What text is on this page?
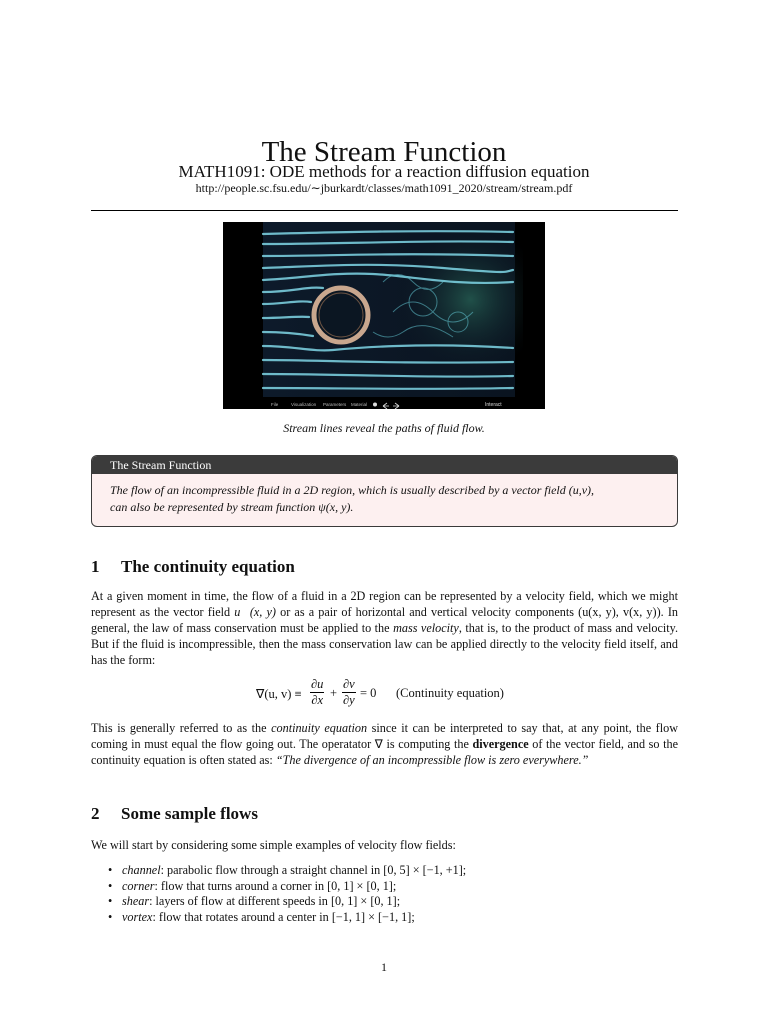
The Stream Function
MATH1091: ODE methods for a reaction diffusion equation
http://people.sc.fsu.edu/∼jburkardt/classes/math1091_2020/stream/stream.pdf
File	Visualization Parameters Material	Interact
Stream lines reveal the paths of fluid flow.
The Stream Function
The flow of an incompressible fluid in a 2D region, which is usually described by a vector field (u,v),
can also be represented by stream function ψ(x, y).
1 The continuity equation
At a given moment in time, the flow of a fluid in a 2D region can be represented by a velocity field, which we might represent as the vector field u⃗(x, y) or as a pair of horizontal and vertical velocity components (u(x, y), v(x, y)). In general, the law of mass conservation must be applied to the mass velocity, that is, to the product of mass and velocity. But if the fluid is incompressible, then the mass conservation law can be applied directly to the velocity field itself, and has the form:
∇(u, $v) \equiv \frac{\partial u}{\partial x} + \frac{\partial v}{\partial y} = 0$ (Continuity equation)
This is generally referred to as the continuity equation since it can be interpreted to say that, at any point, the flow coming in must equal the flow going out. The operatator ∇ is computing the divergence of the vector field, and so the continuity equation is often stated as: “The divergence of an incompressible flow is zero everywhere.”
2 Some sample flows
We will start by considering some simple examples of velocity flow fields:
• channel: parabolic flow through a straight channel in [0, 5] × [−1, +1];
• corner: flow that turns around a corner in [0, 1] × [0, 1];
• shear: layers of flow at different speeds in [0, 1] × [0, 1];
• vortex: flow that rotates around a center in [−1, 1] × [−1, 1];
1
